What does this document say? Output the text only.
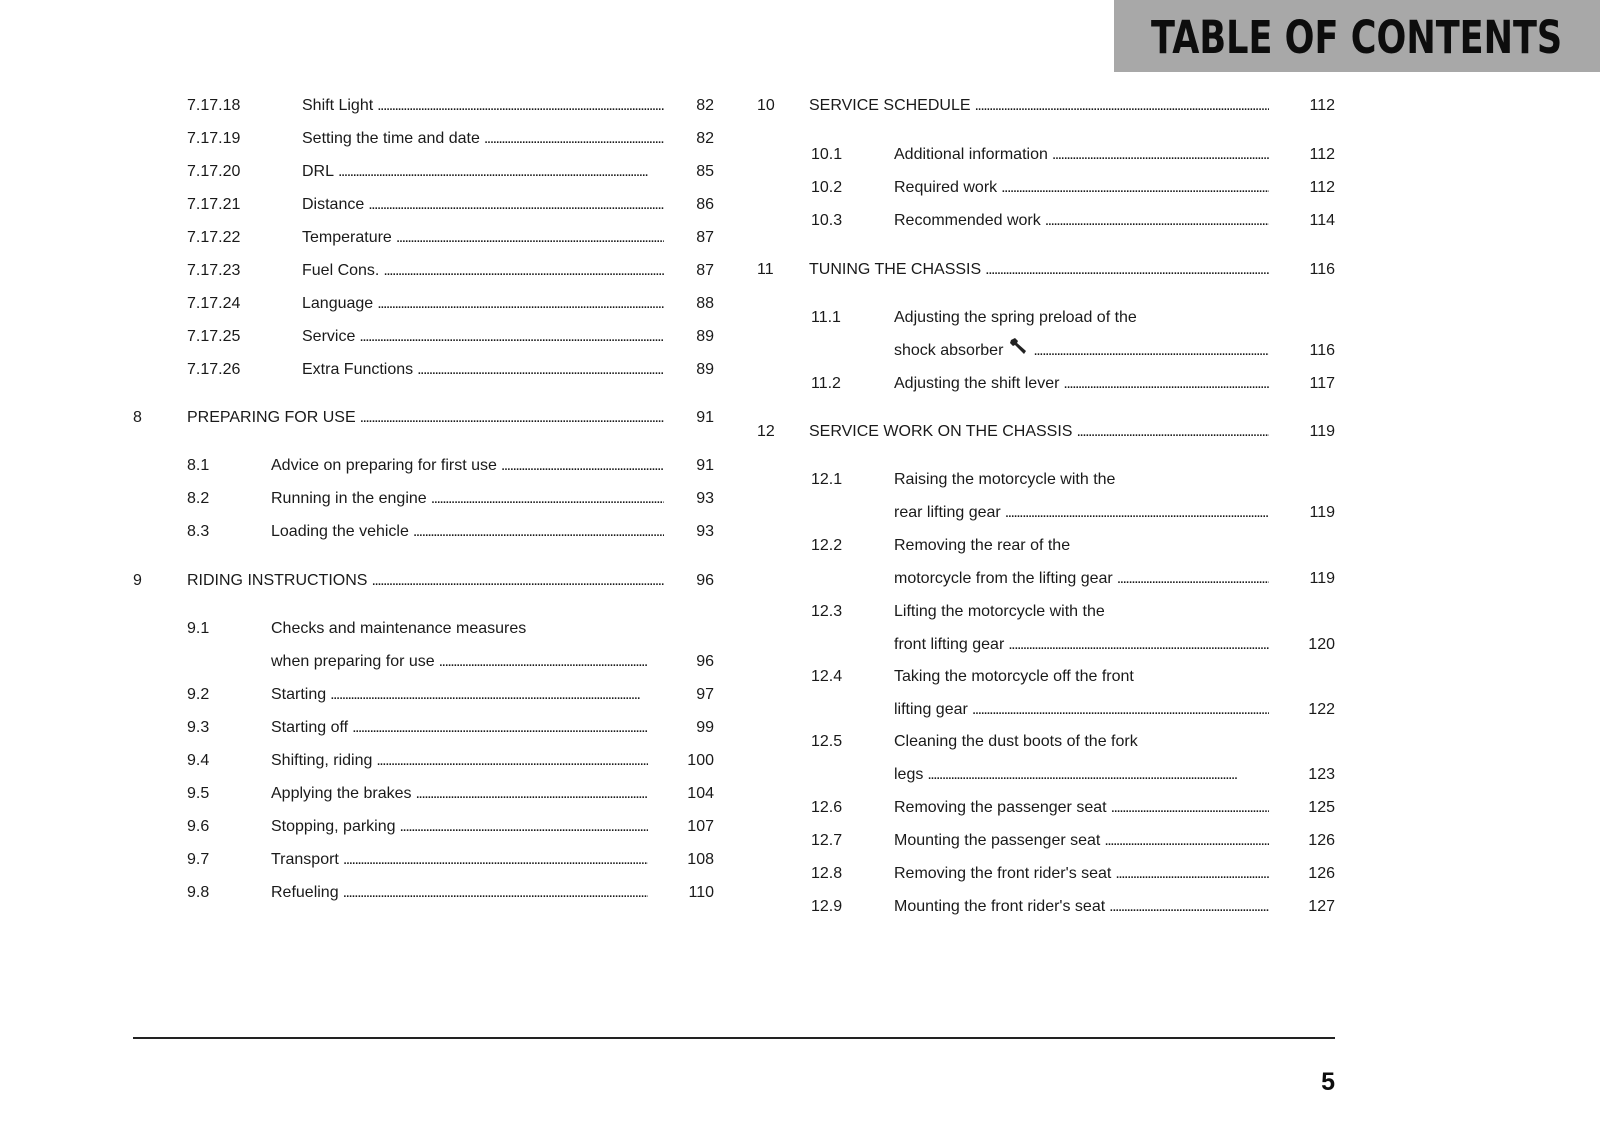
TABLE OF CONTENTS
5
7.17.18	Shift Light . . .	82
7.17.19	Setting the time and date . . .	82
7.17.20	DRL . . .	85
7.17.21	Distance . . .	86
7.17.22	Temperature . . .	87
7.17.23	Fuel Cons. . . .	87
7.17.24	Language . . .	88
7.17.25	Service . . .	89
7.17.26	Extra Functions . . .	89
8	PREPARING FOR USE . . .	91
8.1	Advice on preparing for first use . . .	91
8.2	Running in the engine . . .	93
8.3	Loading the vehicle . . .	93
9	RIDING INSTRUCTIONS . . .	96
9.1	Checks and maintenance measures
when preparing for use . . .	96
9.2	Starting . . .	97
9.3	Starting off . . .	99
9.4	Shifting, riding . . .	100
9.5	Applying the brakes . . .	104
9.6	Stopping, parking . . .	107
9.7	Transport . . .	108
9.8	Refueling . . .	110
10 SERVICE SCHEDULE . . .	112
10.1	Additional information . . .	112
10.2	Required work . . .	112
10.3	Recommended work . . .	114
11 TUNING THE CHASSIS . . .	116
11.1	Adjusting the spring preload of the
shock absorber . . .	116
11.2	Adjusting the shift lever . . .	117
12 SERVICE WORK ON THE CHASSIS . . .	119
12.1	Raising the motorcycle with the
rear lifting gear . . .	119
12.2	Removing the rear of the
motorcycle from the lifting gear . . .	119
12.3	Lifting the motorcycle with the
front lifting gear . . .	120
12.4	Taking the motorcycle off the front
lifting gear . . .	122
12.5	Cleaning the dust boots of the fork
legs . . .	123
12.6	Removing the passenger seat . . .	125
12.7	Mounting the passenger seat . . .	126
12.8	Removing the front rider's seat . . .	126
12.9	Mounting the front rider's seat . . .	127
